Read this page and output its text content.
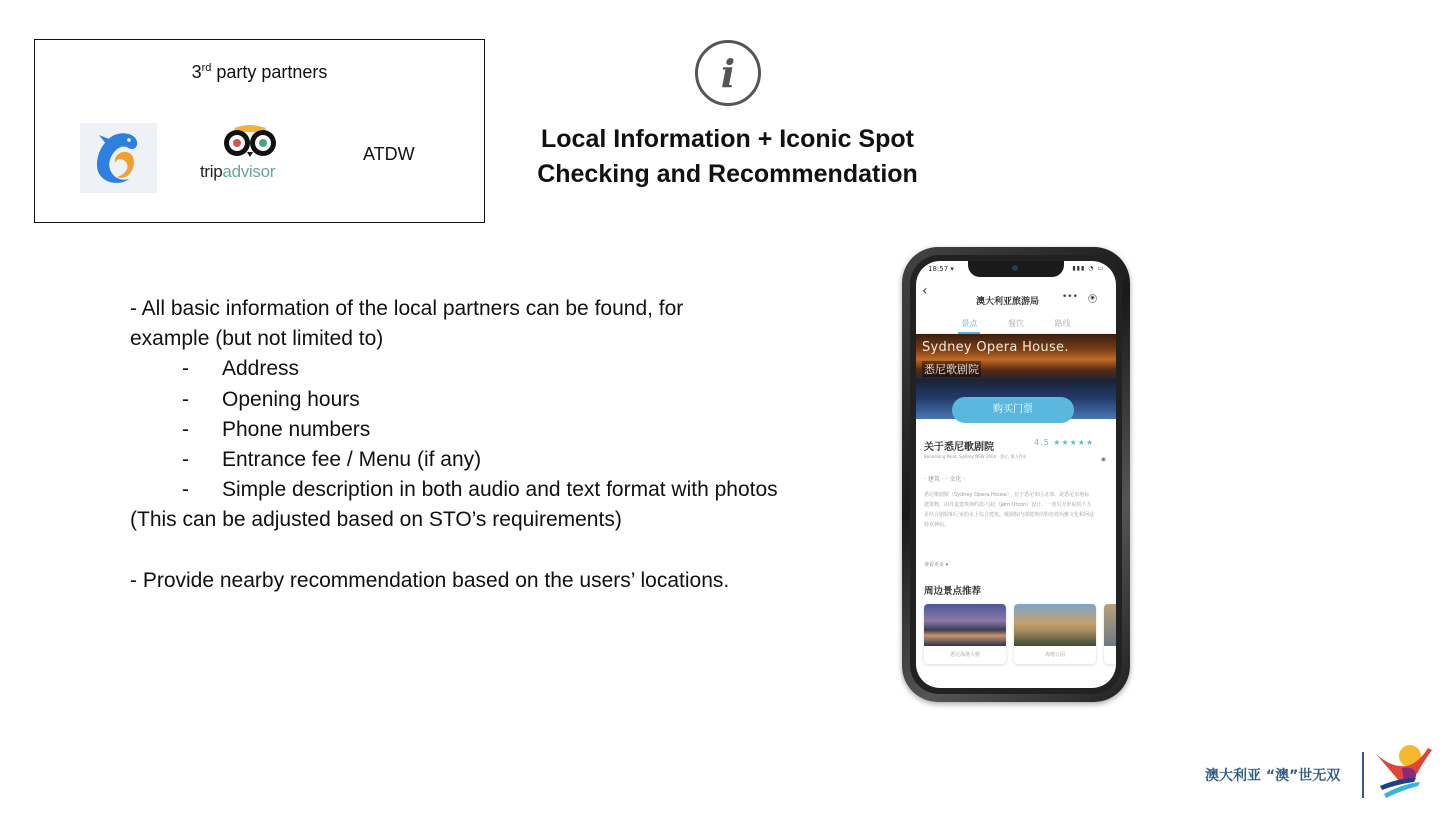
3rd party partners
tripadvisor
ATDW
i
Local Information + Iconic Spot
Checking and Recommendation
- All basic information of the local partners can be found, for
example (but not limited to)
-	Address
-	Opening hours
-	Phone numbers
-	Entrance fee / Menu (if any)
-	Simple description in both audio and text format with photos
(This can be adjusted based on STO’s requirements)
- Provide nearby recommendation based on the users’ locations.
18:57 ▾	▮▮▮ ◔ ▭
‹
澳大利亚旅游局	•••	◉
景点	餐饮	路线
Sydney Opera House.
悉尼歌剧院
购买门票
关于悉尼歌剧院	4.5 ★★★★★
Bennelong Point, Sydney NSW 2000 · 悉尼, 澳大利亚	◉
· 建筑 · · 文化 ·
悉尼歌剧院（Sydney Opera House），位于悉尼市区北部，是悉尼市地标建筑物，由丹麦建筑师约恩·乌松（Jørn Utzon）设计，一座贝壳形屋顶下方是结合剧院和厅室的水上综合建筑。歌剧院内部建筑结构仿效玛雅文化和阿兹特克神庙。
查看更多 ▾
周边景点推荐
悉尼海港大桥	海德公园
澳大利亚 “澳”世无双
